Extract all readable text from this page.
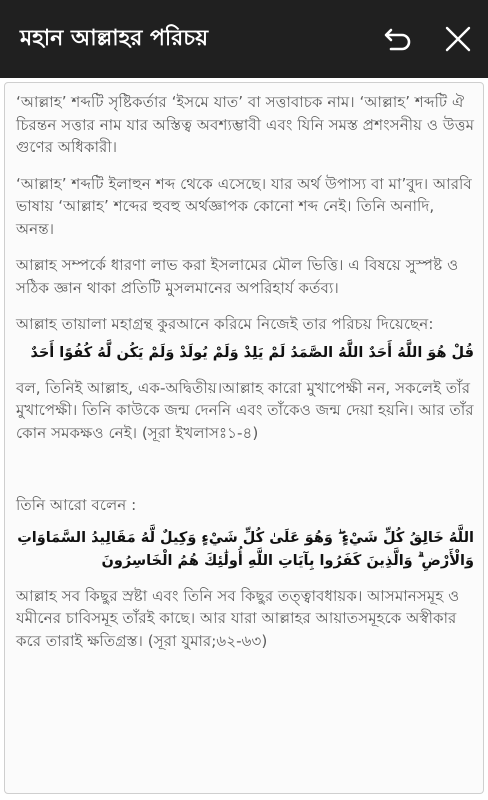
মহান আল্লাহর পরিচয়

‘আল্লাহ’ শব্দটি সৃষ্টিকর্তার ‘ইসমে যাত’ বা সত্তাবাচক নাম। ‘আল্লাহ’ শব্দটি ঐ চিরন্তন সত্তার নাম যার অস্তিত্ব অবশ্যম্ভাবী এবং যিনি সমস্ত প্রশংসনীয় ও উত্তম গুণের অধিকারী।

‘আল্লাহ’ শব্দটি ইলাহুন শব্দ থেকে এসেছে। যার অর্থ উপাস্য বা মা’বুদ। আরবি ভাষায় ‘আল্লাহ’ শব্দের হুবহু অর্থজ্ঞাপক কোনো শব্দ নেই। তিনি অনাদি, অনন্ত।

আল্লাহ সম্পর্কে ধারণা লাভ করা ইসলামের মৌল ভিত্তি। এ বিষয়ে সুস্পষ্ট ও সঠিক জ্ঞান থাকা প্রতিটি মুসলমানের অপরিহার্য কর্তব্য।

আল্লাহ তায়ালা মহাগ্রন্থ কুরআনে করিমে নিজেই তার পরিচয় দিয়েছেন:

قُلْ هُوَ اللَّهُ أَحَدٌ اللَّهُ الصَّمَدُ لَمْ يَلِدْ وَلَمْ يُولَدْ وَلَمْ يَكُن لَّهُ كُفُوًا أَحَدٌ

বল, তিনিই আল্লাহ, এক-অদ্বিতীয়।আল্লাহ কারো মুখাপেক্ষী নন, সকলেই তাঁর মুখাপেক্ষী। তিনি কাউকে জন্ম দেননি এবং তাঁকেও জন্ম দেয়া হয়নি। আর তাঁর কোন সমকক্ষও নেই। (সূরা ইখলাসঃ১-৪)

তিনি আরো বলেন :

اللَّهُ خَالِقُ كُلِّ شَيْءٍ ۖ وَهُوَ عَلَىٰ كُلِّ شَيْءٍ وَكِيلٌ لَّهُ مَقَالِيدُ السَّمَاوَاتِ وَالْأَرْضِ ۗ وَالَّذِينَ كَفَرُوا بِآيَاتِ اللَّهِ أُولَٰئِكَ هُمُ الْخَاسِرُونَ

আল্লাহ সব কিছুর স্রষ্টা এবং তিনি সব কিছুর তত্ত্বাবধায়ক। আসমানসমূহ ও যমীনের চাবিসমূহ তাঁরই কাছে। আর যারা আল্লাহর আয়াতসমূহকে অস্বীকার করে তারাই ক্ষতিগ্রস্ত। (সূরা যুমার;৬২-৬৩)
